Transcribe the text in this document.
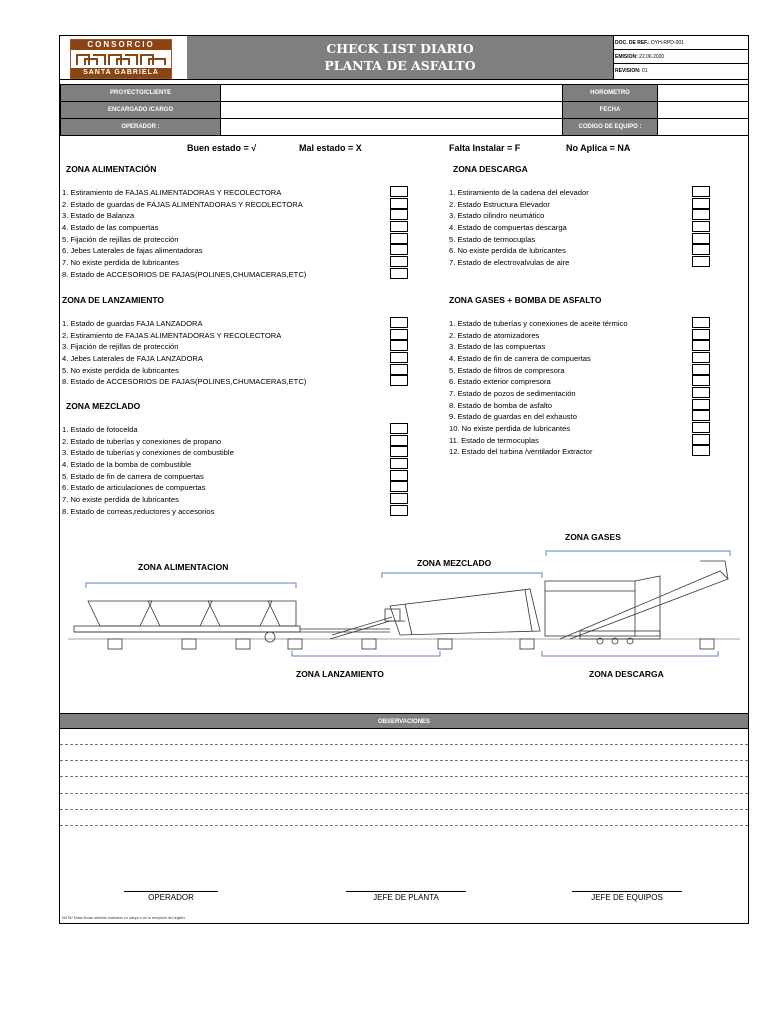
CONSORCIO
SANTA GABRIELA
CHECK LIST DIARIO
PLANTA DE ASFALTO
DOC. DE REF.: DYH-RPD-001
EMISION: 22.06.2020
REVISION: 01
PROYECTO/CLIENTE	HOROMETRO
ENCARGADO /CARGO	FECHA
OPERADOR :	CODIGO DE EQUIPO :
Buen estado = √	Mal estado = X	Falta Instalar = F	No Aplica = NA
ZONA ALIMENTACIÓN
1. Estiramiento de FAJAS ALIMENTADORAS Y RECOLECTORA
2. Estado de guardas de FAJAS ALIMENTADORAS Y RECOLECTORA
3. Estado de Balanza
4. Estado de las compuertas
5. Fijación de rejillas de protección
6. Jebes Laterales de fajas alimentadoras
7. No existe perdida de lubricantes
8. Estado de ACCESORIOS DE FAJAS(POLINES,CHUMACERAS,ETC)
ZONA DESCARGA
1. Estiramiento de la cadena del elevador
2. Estado Estructura Elevador
3. Estado cilindro neumático
4. Estado de compuertas descarga
5. Estado de termocuplas
6. No existe perdida de lubricantes
7. Estado de electrovalvulas de aire
ZONA DE LANZAMIENTO
1. Estado de guardas FAJA LANZADORA
2. Estiramiento de FAJAS ALIMENTADORAS Y RECOLECTORA
3. Fijación de rejillas de protección
4. Jebes Laterales de FAJA LANZADORA
5. No existe perdida de lubricantes
8. Estado de ACCESORIOS DE FAJAS(POLINES,CHUMACERAS,ETC)
ZONA GASES + BOMBA DE ASFALTO
1. Estado de tuberías y conexiones de aceite térmico
2. Estado de atomizadores
3. Estado de las compuertas
4. Estado de fin de carrera de compuertas
5. Estado de filtros de compresora
6. Estado exterior compresora
7. Estado de pozos de sedimentación
8. Estado de bomba de asfalto
9. Estado de guardas en del exhausto
10. No existe perdida de lubricantes
11. Estado de termocuplas
12. Estado del turbina /ventilador Extractor
ZONA MEZCLADO
1. Estado de fotocelda
2. Estado de tuberías y conexiones de propano
3. Estado de tuberías y conexiones de combustible
4. Estado de la bomba de combustible
5. Estado de fin de carrera de compuertas
6. Estado de articulaciones de compuertas
7. No existe perdida de lubricantes
8. Estado de correas,reductores y accesorios
ZONA ALIMENTACION	ZONA MEZCLADO
ZONA GASES
ZONA LANZAMIENTO	ZONA DESCARGA
OBSERVACIONES
OPERADOR	JEFE DE PLANTA	JEFE DE EQUIPOS
NOTA* Estas firmas deberan realizarse en campo o en la recepción del registro
